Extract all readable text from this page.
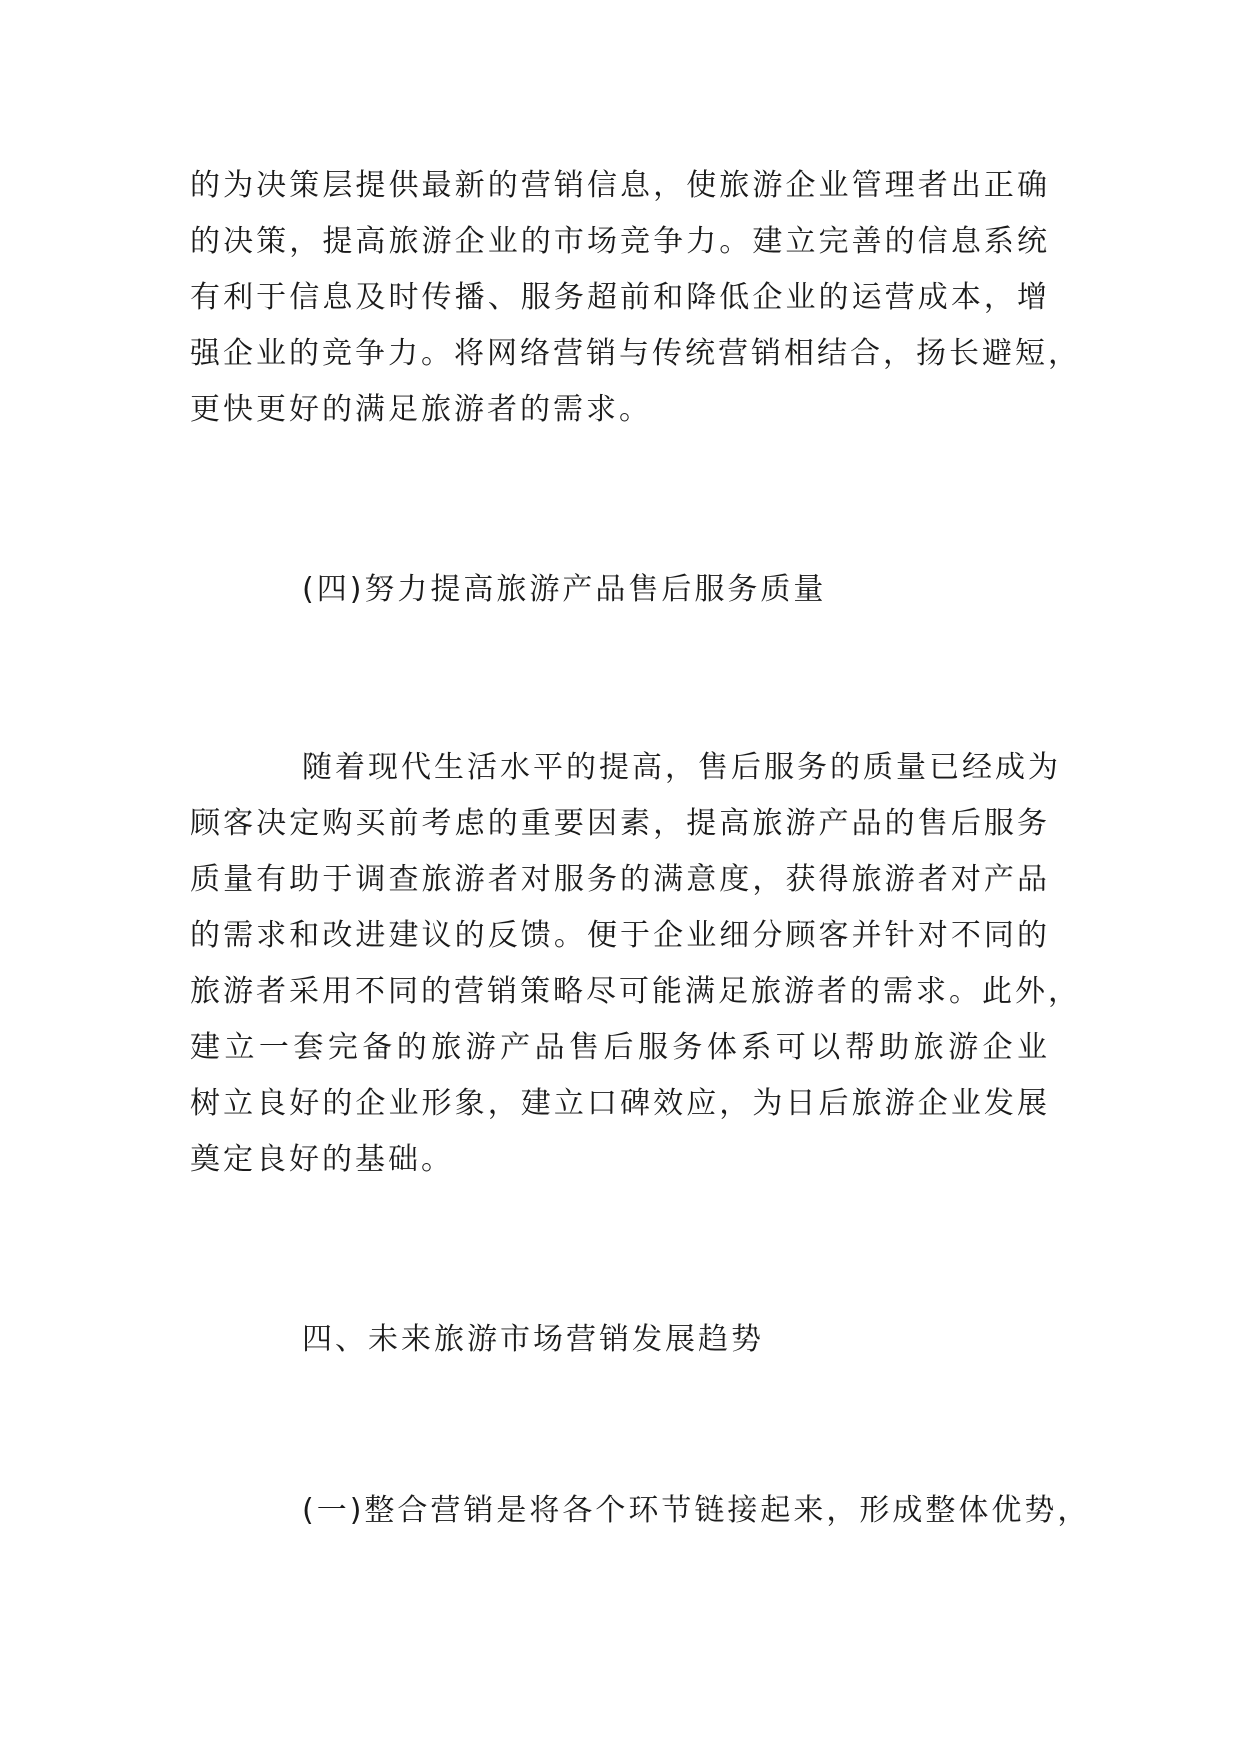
的为决策层提供最新的营销信息，使旅游企业管理者出正确
的决策，提高旅游企业的市场竞争力。建立完善的信息系统
有利于信息及时传播、服务超前和降低企业的运营成本，增
强企业的竞争力。将网络营销与传统营销相结合，扬长避短，
更快更好的满足旅游者的需求。
(四)努力提高旅游产品售后服务质量
随着现代生活水平的提高，售后服务的质量已经成为
顾客决定购买前考虑的重要因素，提高旅游产品的售后服务
质量有助于调查旅游者对服务的满意度，获得旅游者对产品
的需求和改进建议的反馈。便于企业细分顾客并针对不同的
旅游者采用不同的营销策略尽可能满足旅游者的需求。此外，
建立一套完备的旅游产品售后服务体系可以帮助旅游企业
树立良好的企业形象，建立口碑效应，为日后旅游企业发展
奠定良好的基础。
四、未来旅游市场营销发展趋势
(一)整合营销是将各个环节链接起来，形成整体优势，
